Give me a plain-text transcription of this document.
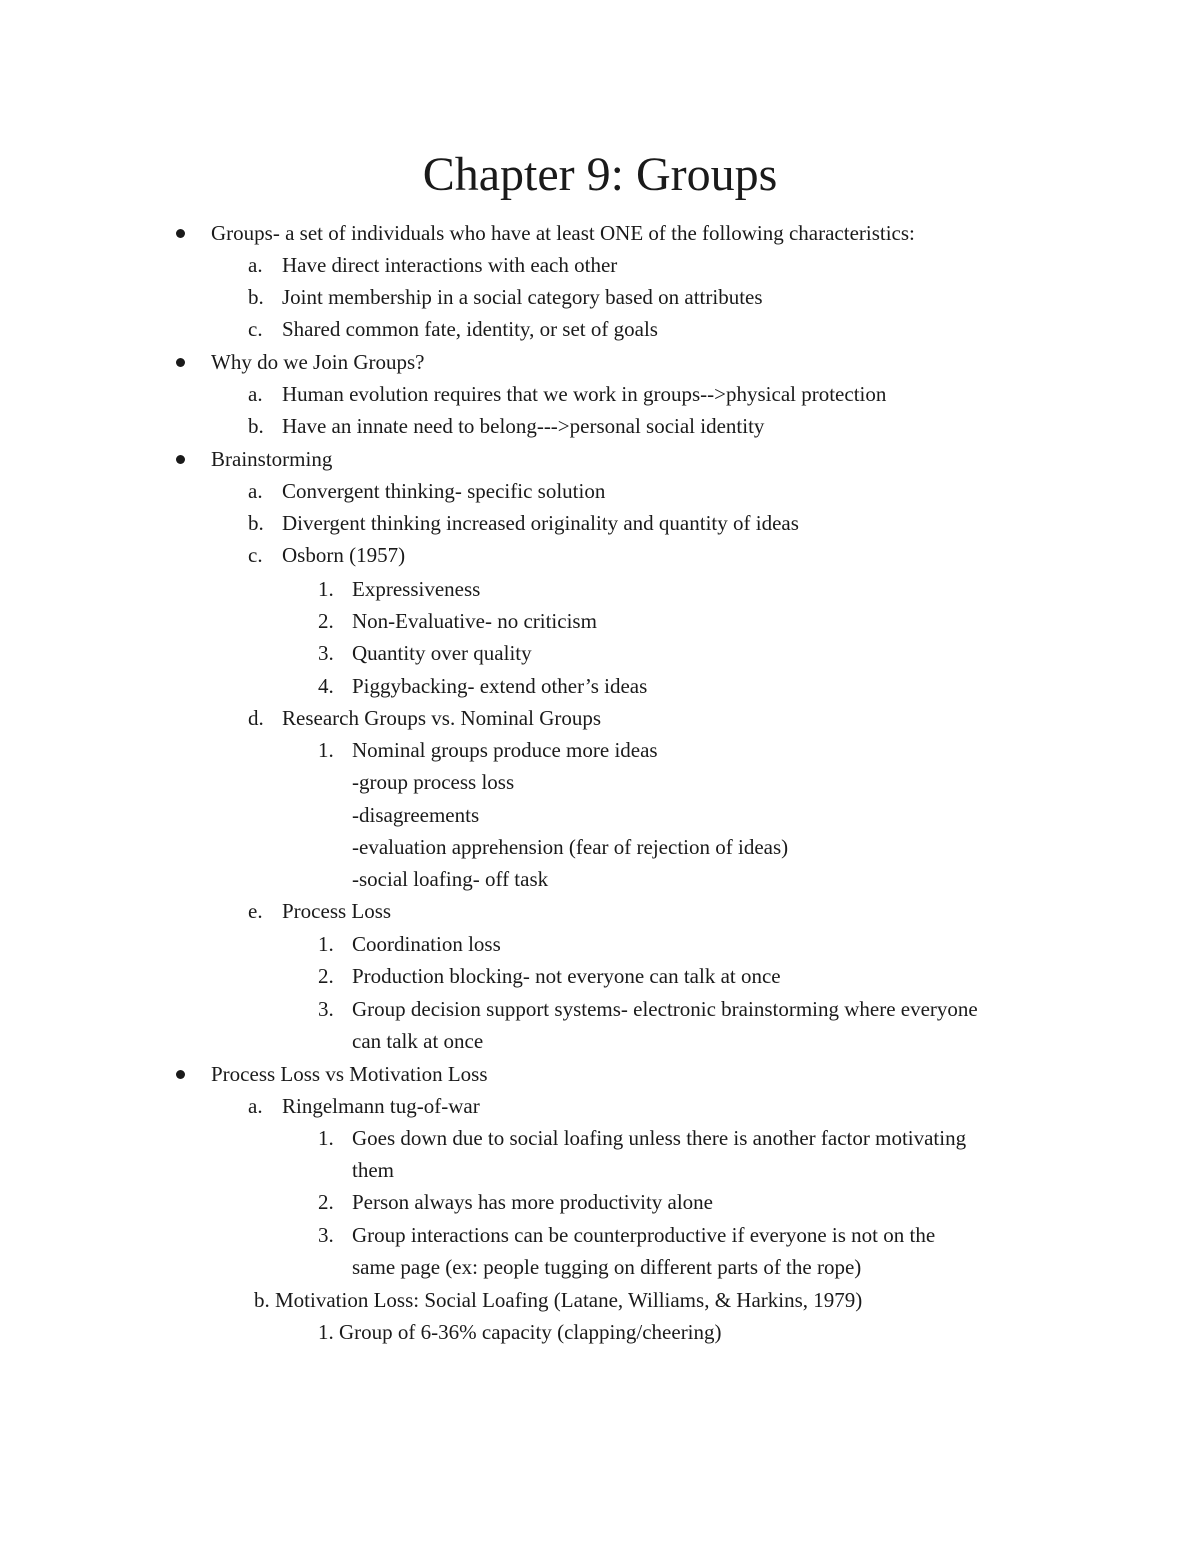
Chapter 9: Groups
Groups- a set of individuals who have at least ONE of the following characteristics:
a. Have direct interactions with each other
b. Joint membership in a social category based on attributes
c. Shared common fate, identity, or set of goals
Why do we Join Groups?
a. Human evolution requires that we work in groups-->physical protection
b. Have an innate need to belong--->personal social identity
Brainstorming
a. Convergent thinking- specific solution
b. Divergent thinking increased originality and quantity of ideas
c. Osborn (1957)
1. Expressiveness
2. Non-Evaluative- no criticism
3. Quantity over quality
4. Piggybacking- extend other’s ideas
d. Research Groups vs. Nominal Groups
1. Nominal groups produce more ideas
-group process loss
-disagreements
-evaluation apprehension (fear of rejection of ideas)
-social loafing- off task
e. Process Loss
1. Coordination loss
2. Production blocking- not everyone can talk at once
3. Group decision support systems- electronic brainstorming where everyone
can talk at once
Process Loss vs Motivation Loss
a. Ringelmann tug-of-war
1. Goes down due to social loafing unless there is another factor motivating
them
2. Person always has more productivity alone
3. Group interactions can be counterproductive if everyone is not on the
same page (ex: people tugging on different parts of the rope)
b. Motivation Loss: Social Loafing (Latane, Williams, & Harkins, 1979)
1. Group of 6-36% capacity (clapping/cheering)
